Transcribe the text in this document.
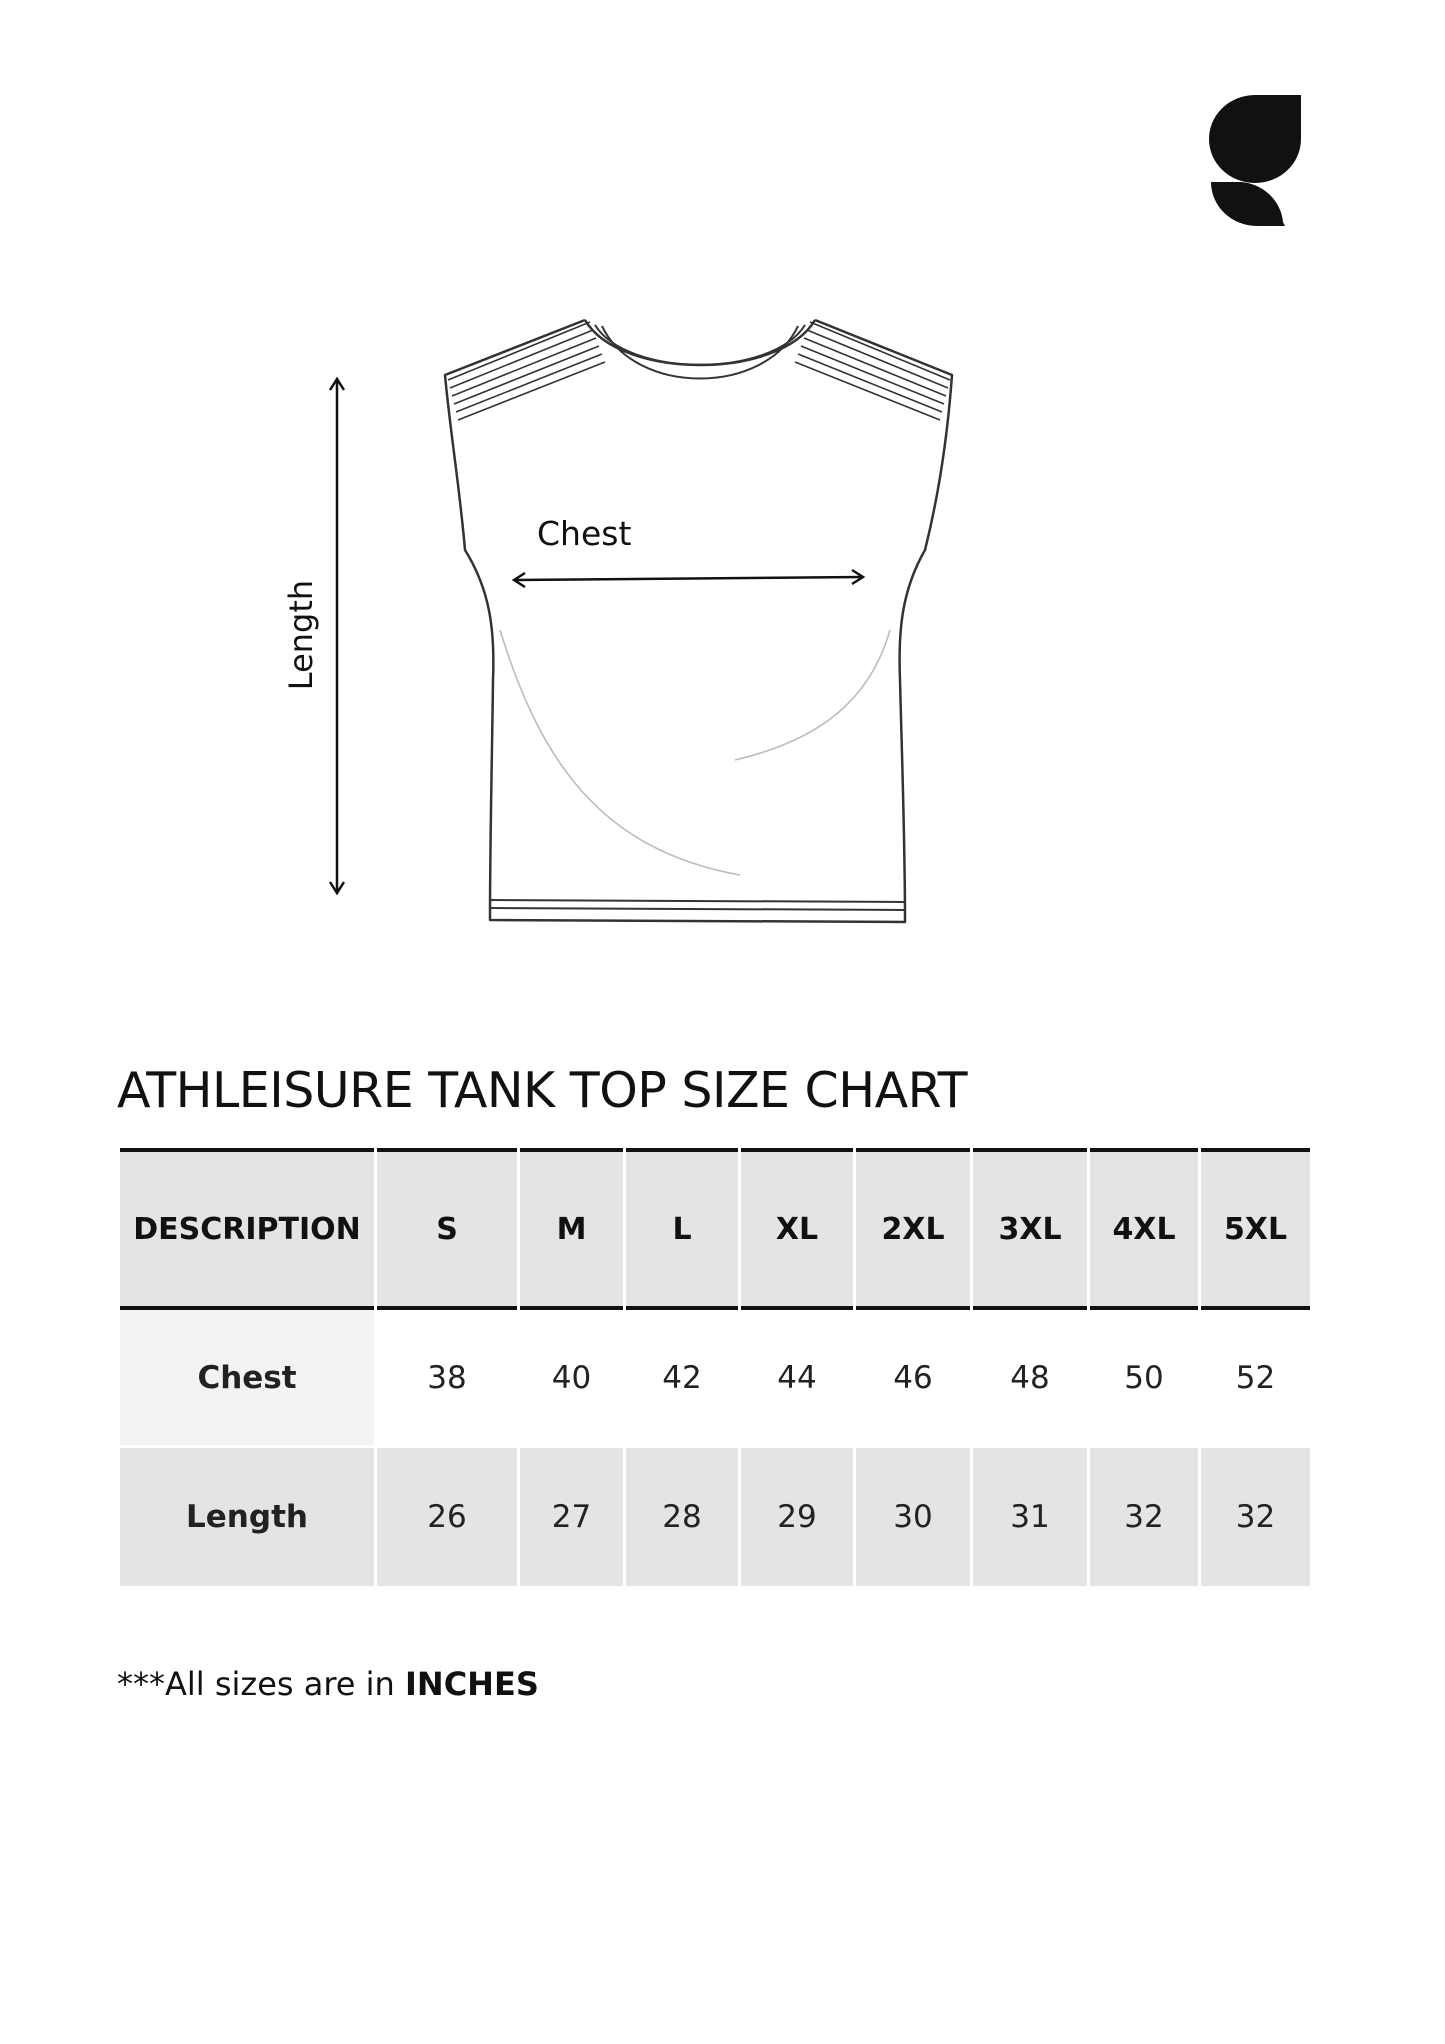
Length
Chest
ATHLEISURE TANK TOP SIZE CHART
DESCRIPTION	S	M	L	XL	2XL	3XL	4XL	5XL
Chest	38	40	42	44	46	48	50	52
Length	26	27	28	29	30	31	32	32
***All sizes are in INCHES
